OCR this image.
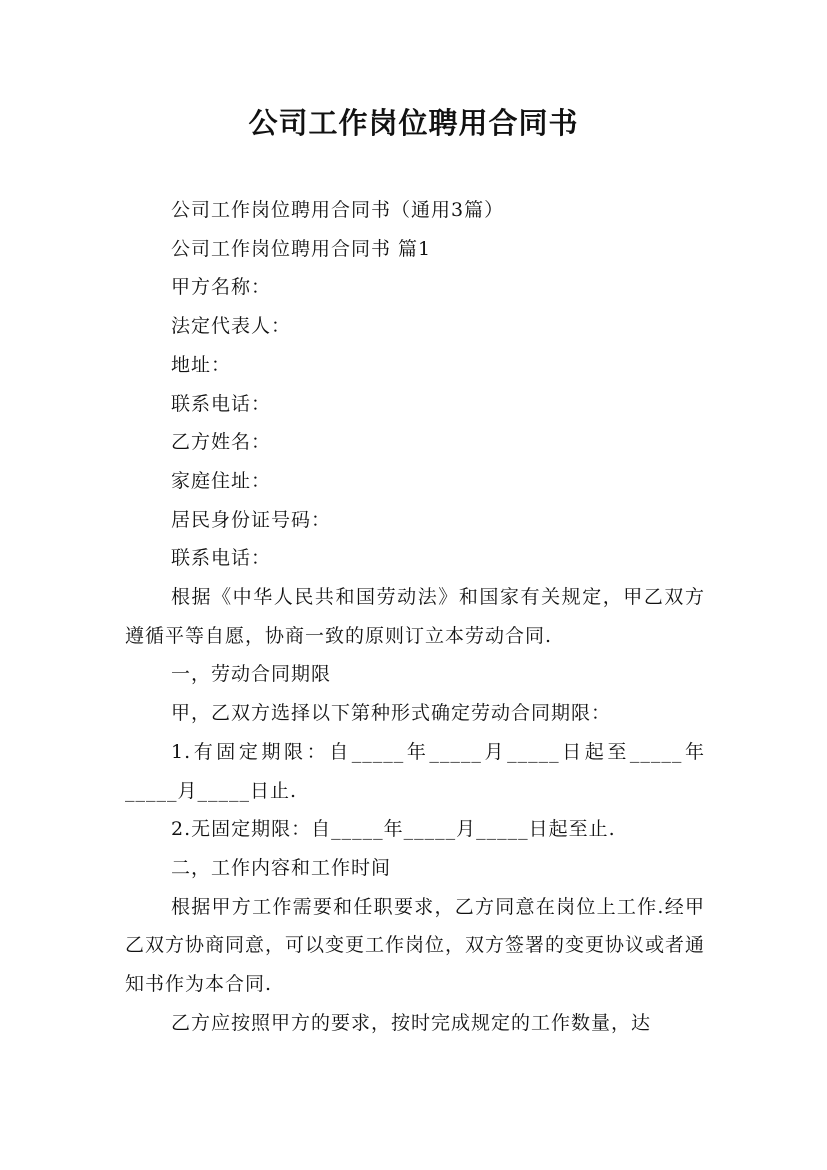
公司工作岗位聘用合同书

公司工作岗位聘用合同书（通用3篇）

公司工作岗位聘用合同书 篇1

甲方名称：

法定代表人：

地址：

联系电话：

乙方姓名：

家庭住址：

居民身份证号码：

联系电话：

根据《中华人民共和国劳动法》和国家有关规定，甲乙双方遵循平等自愿，协商一致的原则订立本劳动合同.

一，劳动合同期限

甲，乙双方选择以下第种形式确定劳动合同期限：

1.有固定期限：自_____年_____月_____日起至_____年_____月_____日止.

2.无固定期限：自_____年_____月_____日起至止.

二，工作内容和工作时间

根据甲方工作需要和任职要求，乙方同意在岗位上工作.经甲乙双方协商同意，可以变更工作岗位，双方签署的变更协议或者通知书作为本合同.

乙方应按照甲方的要求，按时完成规定的工作数量，达
